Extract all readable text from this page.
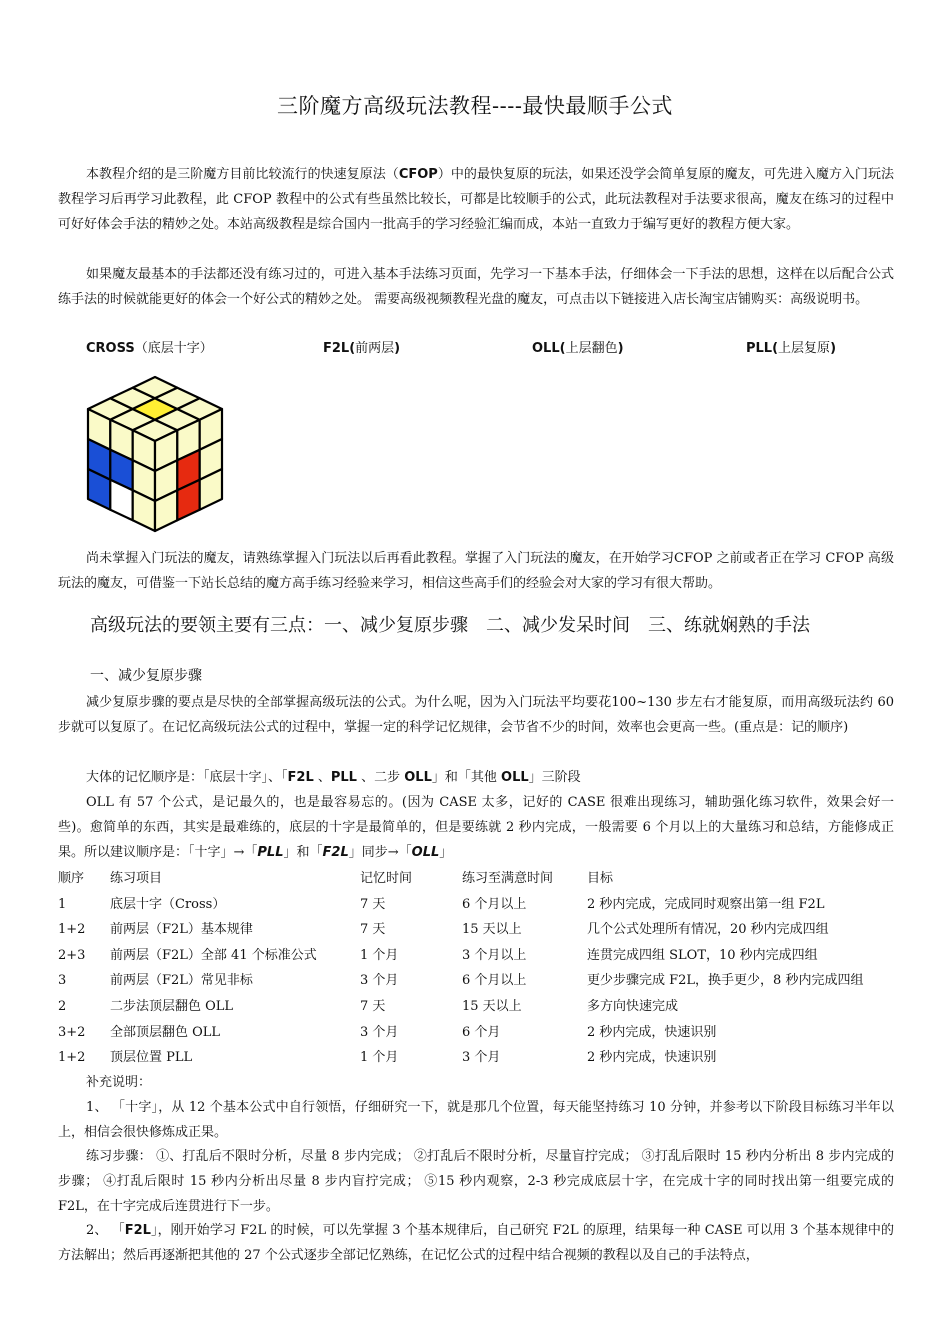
三阶魔方高级玩法教程----最快最顺手公式

本教程介绍的是三阶魔方目前比较流行的快速复原法（CFOP）中的最快复原的玩法，如果还没学会简单复原的魔友，可先进入魔方入门玩法教程学习后再学习此教程，此 CFOP 教程中的公式有些虽然比较长，可都是比较顺手的公式，此玩法教程对手法要求很高，魔友在练习的过程中可好好体会手法的精妙之处。本站高级教程是综合国内一批高手的学习经验汇编而成，本站一直致力于编写更好的教程方便大家。

如果魔友最基本的手法都还没有练习过的，可进入基本手法练习页面，先学习一下基本手法，仔细体会一下手法的思想，这样在以后配合公式练手法的时候就能更好的体会一个好公式的精妙之处。 需要高级视频教程光盘的魔友，可点击以下链接进入店长淘宝店铺购买：高级说明书。

CROSS（底层十字）	F2L(前两层)	OLL(上层翻色)	PLL(上层复原)

尚未掌握入门玩法的魔友，请熟练掌握入门玩法以后再看此教程。掌握了入门玩法的魔友，在开始学习CFOP 之前或者正在学习 CFOP 高级玩法的魔友，可借鉴一下站长总结的魔方高手练习经验来学习，相信这些高手们的经验会对大家的学习有很大帮助。

高级玩法的要领主要有三点：一、减少复原步骤　二、减少发呆时间　三、练就娴熟的手法
一、减少复原步骤

减少复原步骤的要点是尽快的全部掌握高级玩法的公式。为什么呢，因为入门玩法平均要花100~130 步左右才能复原，而用高级玩法约 60 步就可以复原了。在记忆高级玩法公式的过程中，掌握一定的科学记忆规律，会节省不少的时间，效率也会更高一些。(重点是：记的顺序)

大体的记忆顺序是：「底层十字」、「F2L 、PLL 、二步 OLL」和「其他 OLL」三阶段

OLL 有 57 个公式，是记最久的，也是最容易忘的。(因为 CASE 太多，记好的 CASE 很难出现练习，辅助强化练习软件，效果会好一些)。愈简单的东西，其实是最难练的，底层的十字是最简单的，但是要练就 2 秒内完成，一般需要 6 个月以上的大量练习和总结，方能修成正果。所以建议顺序是：「十字」→「PLL」和「F2L」同步→「OLL」

顺序	练习项目	记忆时间	练习至满意时间	目标
1	底层十字（Cross）	7 天	6 个月以上	2 秒内完成，完成同时观察出第一组 F2L
1+2	前两层（F2L）基本规律	7 天	15 天以上	几个公式处理所有情况，20 秒内完成四组
2+3	前两层（F2L）全部 41 个标准公式	1 个月	3 个月以上	连贯完成四组 SLOT，10 秒内完成四组
3	前两层（F2L）常见非标	3 个月	6 个月以上	更少步骤完成 F2L，换手更少，8 秒内完成四组
2	二步法顶层翻色 OLL	7 天	15 天以上	多方向快速完成
3+2	全部顶层翻色 OLL	3 个月	6 个月	2 秒内完成，快速识别
1+2	顶层位置 PLL	1 个月	3 个月	2 秒内完成，快速识别

补充说明：

1、 「十字」，从 12 个基本公式中自行领悟，仔细研究一下，就是那几个位置，每天能坚持练习 10 分钟，并参考以下阶段目标练习半年以上，相信会很快修炼成正果。

练习步骤： ①、打乱后不限时分析，尽量 8 步内完成； ②打乱后不限时分析，尽量盲拧完成； ③打乱后限时 15 秒内分析出 8 步内完成的步骤； ④打乱后限时 15 秒内分析出尽量 8 步内盲拧完成； ⑤15 秒内观察，2-3 秒完成底层十字，在完成十字的同时找出第一组要完成的 F2L，在十字完成后连贯进行下一步。

2、 「F2L」，刚开始学习 F2L 的时候，可以先掌握 3 个基本规律后，自己研究 F2L 的原理，结果每一种 CASE 可以用 3 个基本规律中的方法解出；然后再逐渐把其他的 27 个公式逐步全部记忆熟练，在记忆公式的过程中结合视频的教程以及自己的手法特点，
